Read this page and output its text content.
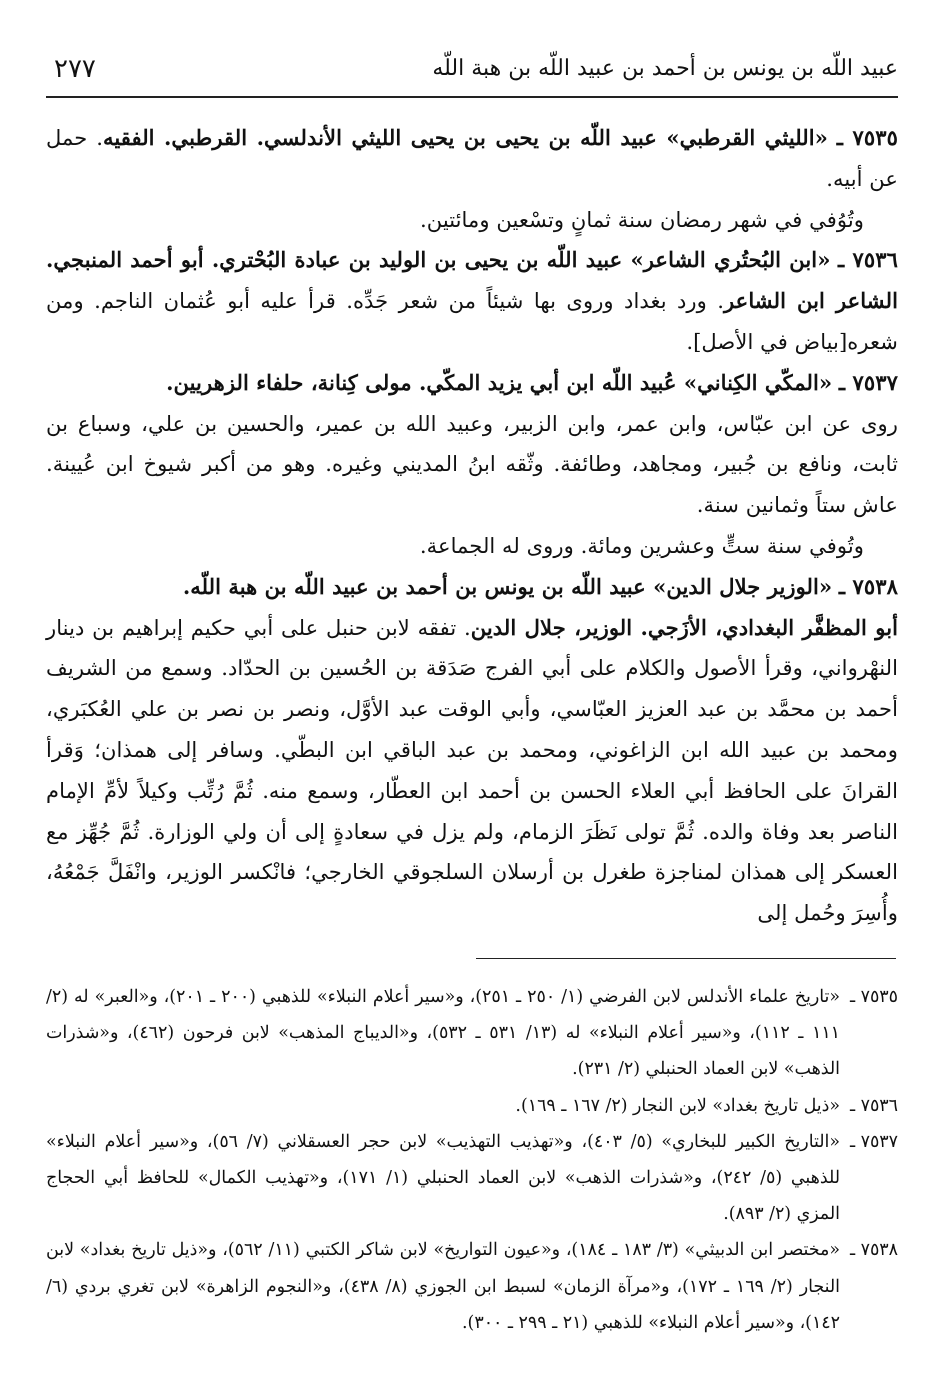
٢٧٧	عبيد اللّه بن يونس بن أحمد بن عبيد اللّه بن هبة اللّه

٧٥٣٥ ـ «الليثي القرطبي» عبيد اللّه بن يحيى بن يحيى الليثي الأندلسي. القرطبي. الفقيه. حمل عن أبيه.

وتُوُفي في شهر رمضان سنة ثمانٍ وتسْعين ومائتين.

٧٥٣٦ ـ «ابن البُحتُري الشاعر» عبيد اللّه بن يحيى بن الوليد بن عبادة البُحْتري. أبو أحمد المنبجي. الشاعر ابن الشاعر. ورد بغداد وروى بها شيئاً من شعر جَدِّه. قرأ عليه أبو عُثمان الناجم. ومن شعره[بياض في الأصل].

٧٥٣٧ ـ «المكّي الكِناني» عُبيد اللّه ابن أبي يزيد المكّي. مولى كِنانة، حلفاء الزهريين.

روى عن ابن عبّاس، وابن عمر، وابن الزبير، وعبيد الله بن عمير، والحسين بن علي، وسباع بن ثابت، ونافع بن جُبير، ومجاهد، وطائفة. وثّقه ابنُ المديني وغيره. وهو من أكبر شيوخ ابن عُيينة. عاش ستاً وثمانين سنة.

وتُوفي سنة ستٍّ وعشرين ومائة. وروى له الجماعة.

٧٥٣٨ ـ «الوزير جلال الدين» عبيد اللّه بن يونس بن أحمد بن عبيد اللّه بن هبة اللّه.

أبو المظفَّر البغدادي، الأزَجي. الوزير، جلال الدين. تفقه لابن حنبل على أبي حكيم إبراهيم بن دينار النهْرواني، وقرأ الأصول والكلام على أبي الفرج صَدَقة بن الحُسين بن الحدّاد. وسمع من الشريف أحمد بن محمَّد بن عبد العزيز العبّاسي، وأبي الوقت عبد الأوَّل، ونصر بن نصر بن علي العُكبَري، ومحمد بن عبيد الله ابن الزاغوني، ومحمد بن عبد الباقي ابن البطّي. وسافر إلى همذان؛ وَقرأ القرانَ على الحافظ أبي العلاء الحسن بن أحمد ابن العطّار، وسمع منه. ثُمَّ رُتِّب وكيلاً لأمِّ الإمام الناصر بعد وفاة والده. ثُمَّ تولى نَظَرَ الزمام، ولم يزل في سعادةٍ إلى أن ولي الوزارة. ثُمَّ جُهِّز مع العسكر إلى همذان لمناجزة طغرل بن أرسلان السلجوقي الخارجي؛ فانْكسر الوزير، وانْفَلَّ جَمْعُهُ، وأُسِرَ وحُمل إلى

٧٥٣٥ ـ
«تاريخ علماء الأندلس لابن الفرضي (١/ ٢٥٠ ـ ٢٥١)، و«سير أعلام النبلاء» للذهبي (٢٠٠ ـ ٢٠١)، و«العبر» له (٢/ ١١١ ـ ١١٢)، و«سير أعلام النبلاء» له (١٣/ ٥٣١ ـ ٥٣٢)، و«الديباج المذهب» لابن فرحون (٤٦٢)، و«شذرات الذهب» لابن العماد الحنبلي (٢/ ٢٣١).
٧٥٣٦ ـ
«ذيل تاريخ بغداد» لابن النجار (٢/ ١٦٧ ـ ١٦٩).
٧٥٣٧ ـ
«التاريخ الكبير للبخاري» (٥/ ٤٠٣)، و«تهذيب التهذيب» لابن حجر العسقلاني (٧/ ٥٦)، و«سير أعلام النبلاء» للذهبي (٥/ ٢٤٢)، و«شذرات الذهب» لابن العماد الحنبلي (١/ ١٧١)، و«تهذيب الكمال» للحافظ أبي الحجاج المزي (٢/ ٨٩٣).
٧٥٣٨ ـ
«مختصر ابن الدبيثي» (٣/ ١٨٣ ـ ١٨٤)، و«عيون التواريخ» لابن شاكر الكتبي (١١/ ٥٦٢)، و«ذيل تاريخ بغداد» لابن النجار (٢/ ١٦٩ ـ ١٧٢)، و«مرآة الزمان» لسبط ابن الجوزي (٨/ ٤٣٨)، و«النجوم الزاهرة» لابن تغري بردي (٦/ ١٤٢)، و«سير أعلام النبلاء» للذهبي (٢١ ـ ٢٩٩ ـ ٣٠٠).
